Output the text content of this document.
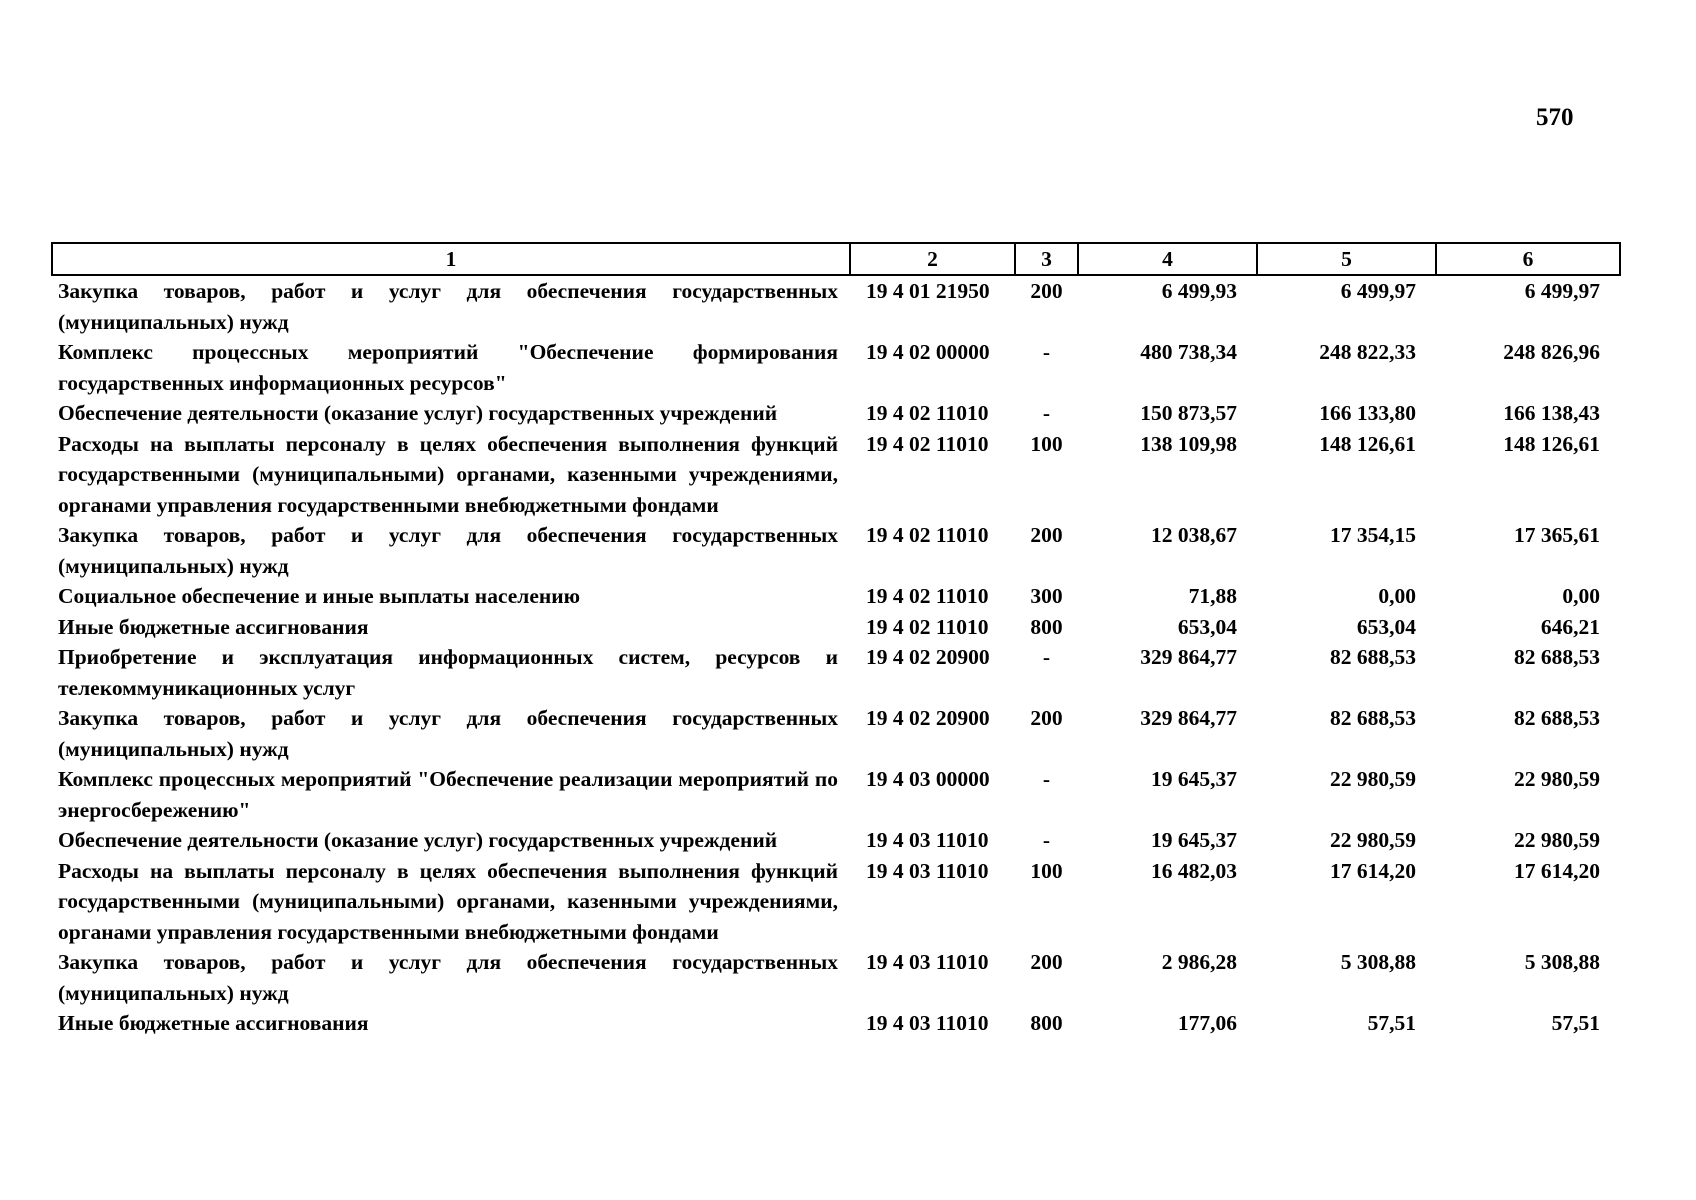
570
1	2	3	4	5	6
Закупка товаров, работ и услуг для обеспечения государственных (муниципальных) нужд	19 4 01 21950	200	6 499,93	6 499,97	6 499,97
Комплекс процессных мероприятий "Обеспечение формирования государственных информационных ресурсов"	19 4 02 00000	-	480 738,34	248 822,33	248 826,96
Обеспечение деятельности (оказание услуг) государственных учреждений	19 4 02 11010	-	150 873,57	166 133,80	166 138,43
Расходы на выплаты персоналу в целях обеспечения выполнения функций государственными (муниципальными) органами, казенными учреждениями, органами управления государственными внебюджетными фондами	19 4 02 11010	100	138 109,98	148 126,61	148 126,61
Закупка товаров, работ и услуг для обеспечения государственных (муниципальных) нужд	19 4 02 11010	200	12 038,67	17 354,15	17 365,61
Социальное обеспечение и иные выплаты населению	19 4 02 11010	300	71,88	0,00	0,00
Иные бюджетные ассигнования	19 4 02 11010	800	653,04	653,04	646,21
Приобретение и эксплуатация информационных систем, ресурсов и телекоммуникационных услуг	19 4 02 20900	-	329 864,77	82 688,53	82 688,53
Закупка товаров, работ и услуг для обеспечения государственных (муниципальных) нужд	19 4 02 20900	200	329 864,77	82 688,53	82 688,53
Комплекс процессных мероприятий "Обеспечение реализации мероприятий по энергосбережению"	19 4 03 00000	-	19 645,37	22 980,59	22 980,59
Обеспечение деятельности (оказание услуг) государственных учреждений	19 4 03 11010	-	19 645,37	22 980,59	22 980,59
Расходы на выплаты персоналу в целях обеспечения выполнения функций государственными (муниципальными) органами, казенными учреждениями, органами управления государственными внебюджетными фондами	19 4 03 11010	100	16 482,03	17 614,20	17 614,20
Закупка товаров, работ и услуг для обеспечения государственных (муниципальных) нужд	19 4 03 11010	200	2 986,28	5 308,88	5 308,88
Иные бюджетные ассигнования	19 4 03 11010	800	177,06	57,51	57,51
